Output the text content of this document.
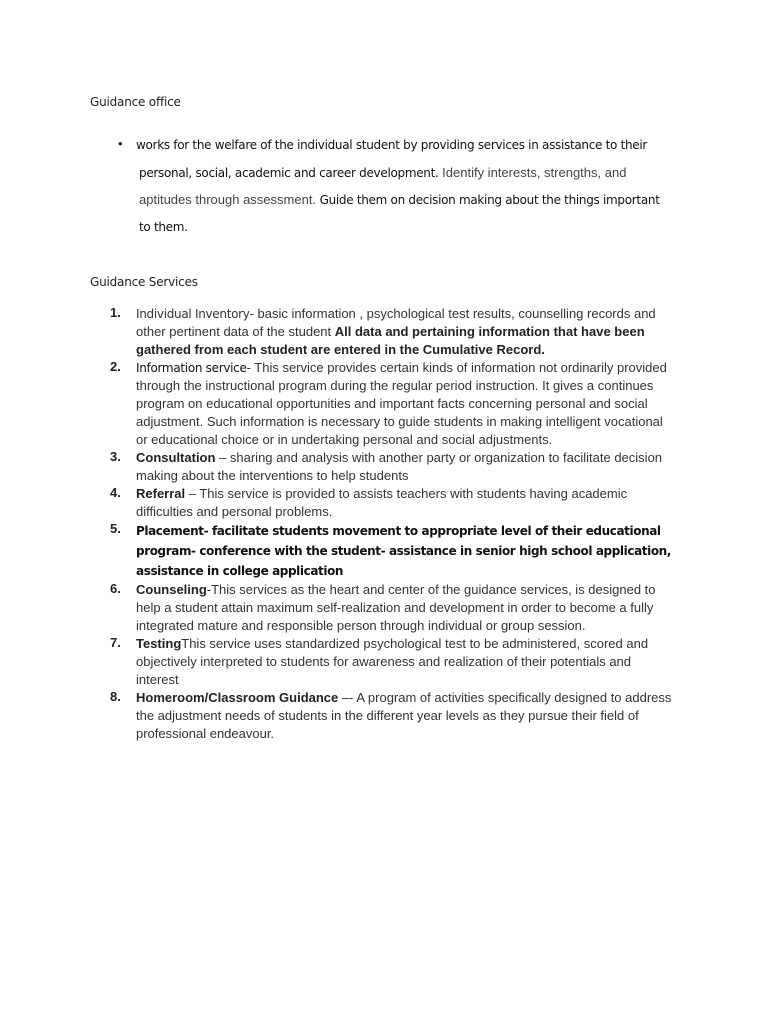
Guidance office
• works for the welfare of the individual student by providing services in assistance to their
personal, social, academic and career development. Identify interests, strengths, and
aptitudes through assessment. Guide them on decision making about the things important
to them.
Guidance Services
1. Individual Inventory- basic information , psychological test results, counselling records and other pertinent data of the student All data and pertaining information that have been gathered from each student are entered in the Cumulative Record.
2. Information service- This service provides certain kinds of information not ordinarily provided through the instructional program during the regular period instruction. It gives a continues program on educational opportunities and important facts concerning personal and social adjustment. Such information is necessary to guide students in making intelligent vocational or educational choice or in undertaking personal and social adjustments.
3. Consultation – sharing and analysis with another party or organization to facilitate decision making about the interventions to help students
4. Referral – This service is provided to assists teachers with students having academic difficulties and personal problems.
5. Placement- facilitate students movement to appropriate level of their educational program- conference with the student- assistance in senior high school application, assistance in college application
6. Counseling-This services as the heart and center of the guidance services, is designed to help a student attain maximum self-realization and development in order to become a fully integrated mature and responsible person through individual or group session.
7. TestingThis service uses standardized psychological test to be administered, scored and objectively interpreted to students for awareness and realization of their potentials and interest
8. Homeroom/Classroom Guidance –- A program of activities specifically designed to address the adjustment needs of students in the different year levels as they pursue their field of professional endeavour.
